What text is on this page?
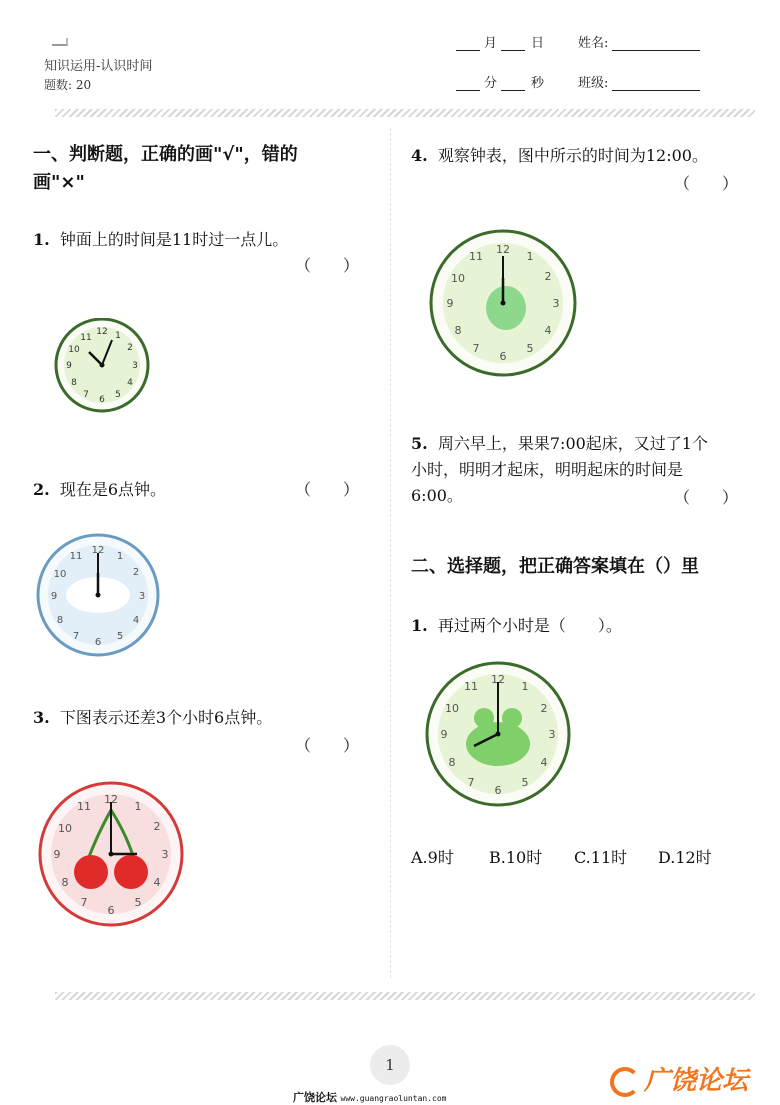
知识运用-认识时间
题数: 20
月	日	姓名:
分	秒	班级:
一、判断题，正确的画"√"，错的
画"×"
1. 钟面上的时间是11时过一点儿。
（　　）
12 1
2
3
4
5
6
7
8
9
10
11
2. 现在是6点钟。	（　　）
12
1
2
3
4
5
6
7
8
9
10
11
3. 下图表示还差3个小时6点钟。
（　　）
12
1
2
3
4
5
6
7
8
9
10
11
4. 观察钟表，图中所示的时间为12:00。
（　　）
12
1
2
3
4
5
6
7
8
9
10
11
5. 周六早上，果果7:00起床，又过了1个
小时，明明才起床，明明起床的时间是
6:00。	（　　）
二、选择题，把正确答案填在（）里
1. 再过两个小时是（　　）。
12
1
2
3
4
5
6
7
8
9
10
11
A.9时 B.10时 C.11时 D.12时
1
广饶论坛 www.guangraoluntan.com
广饶论坛
